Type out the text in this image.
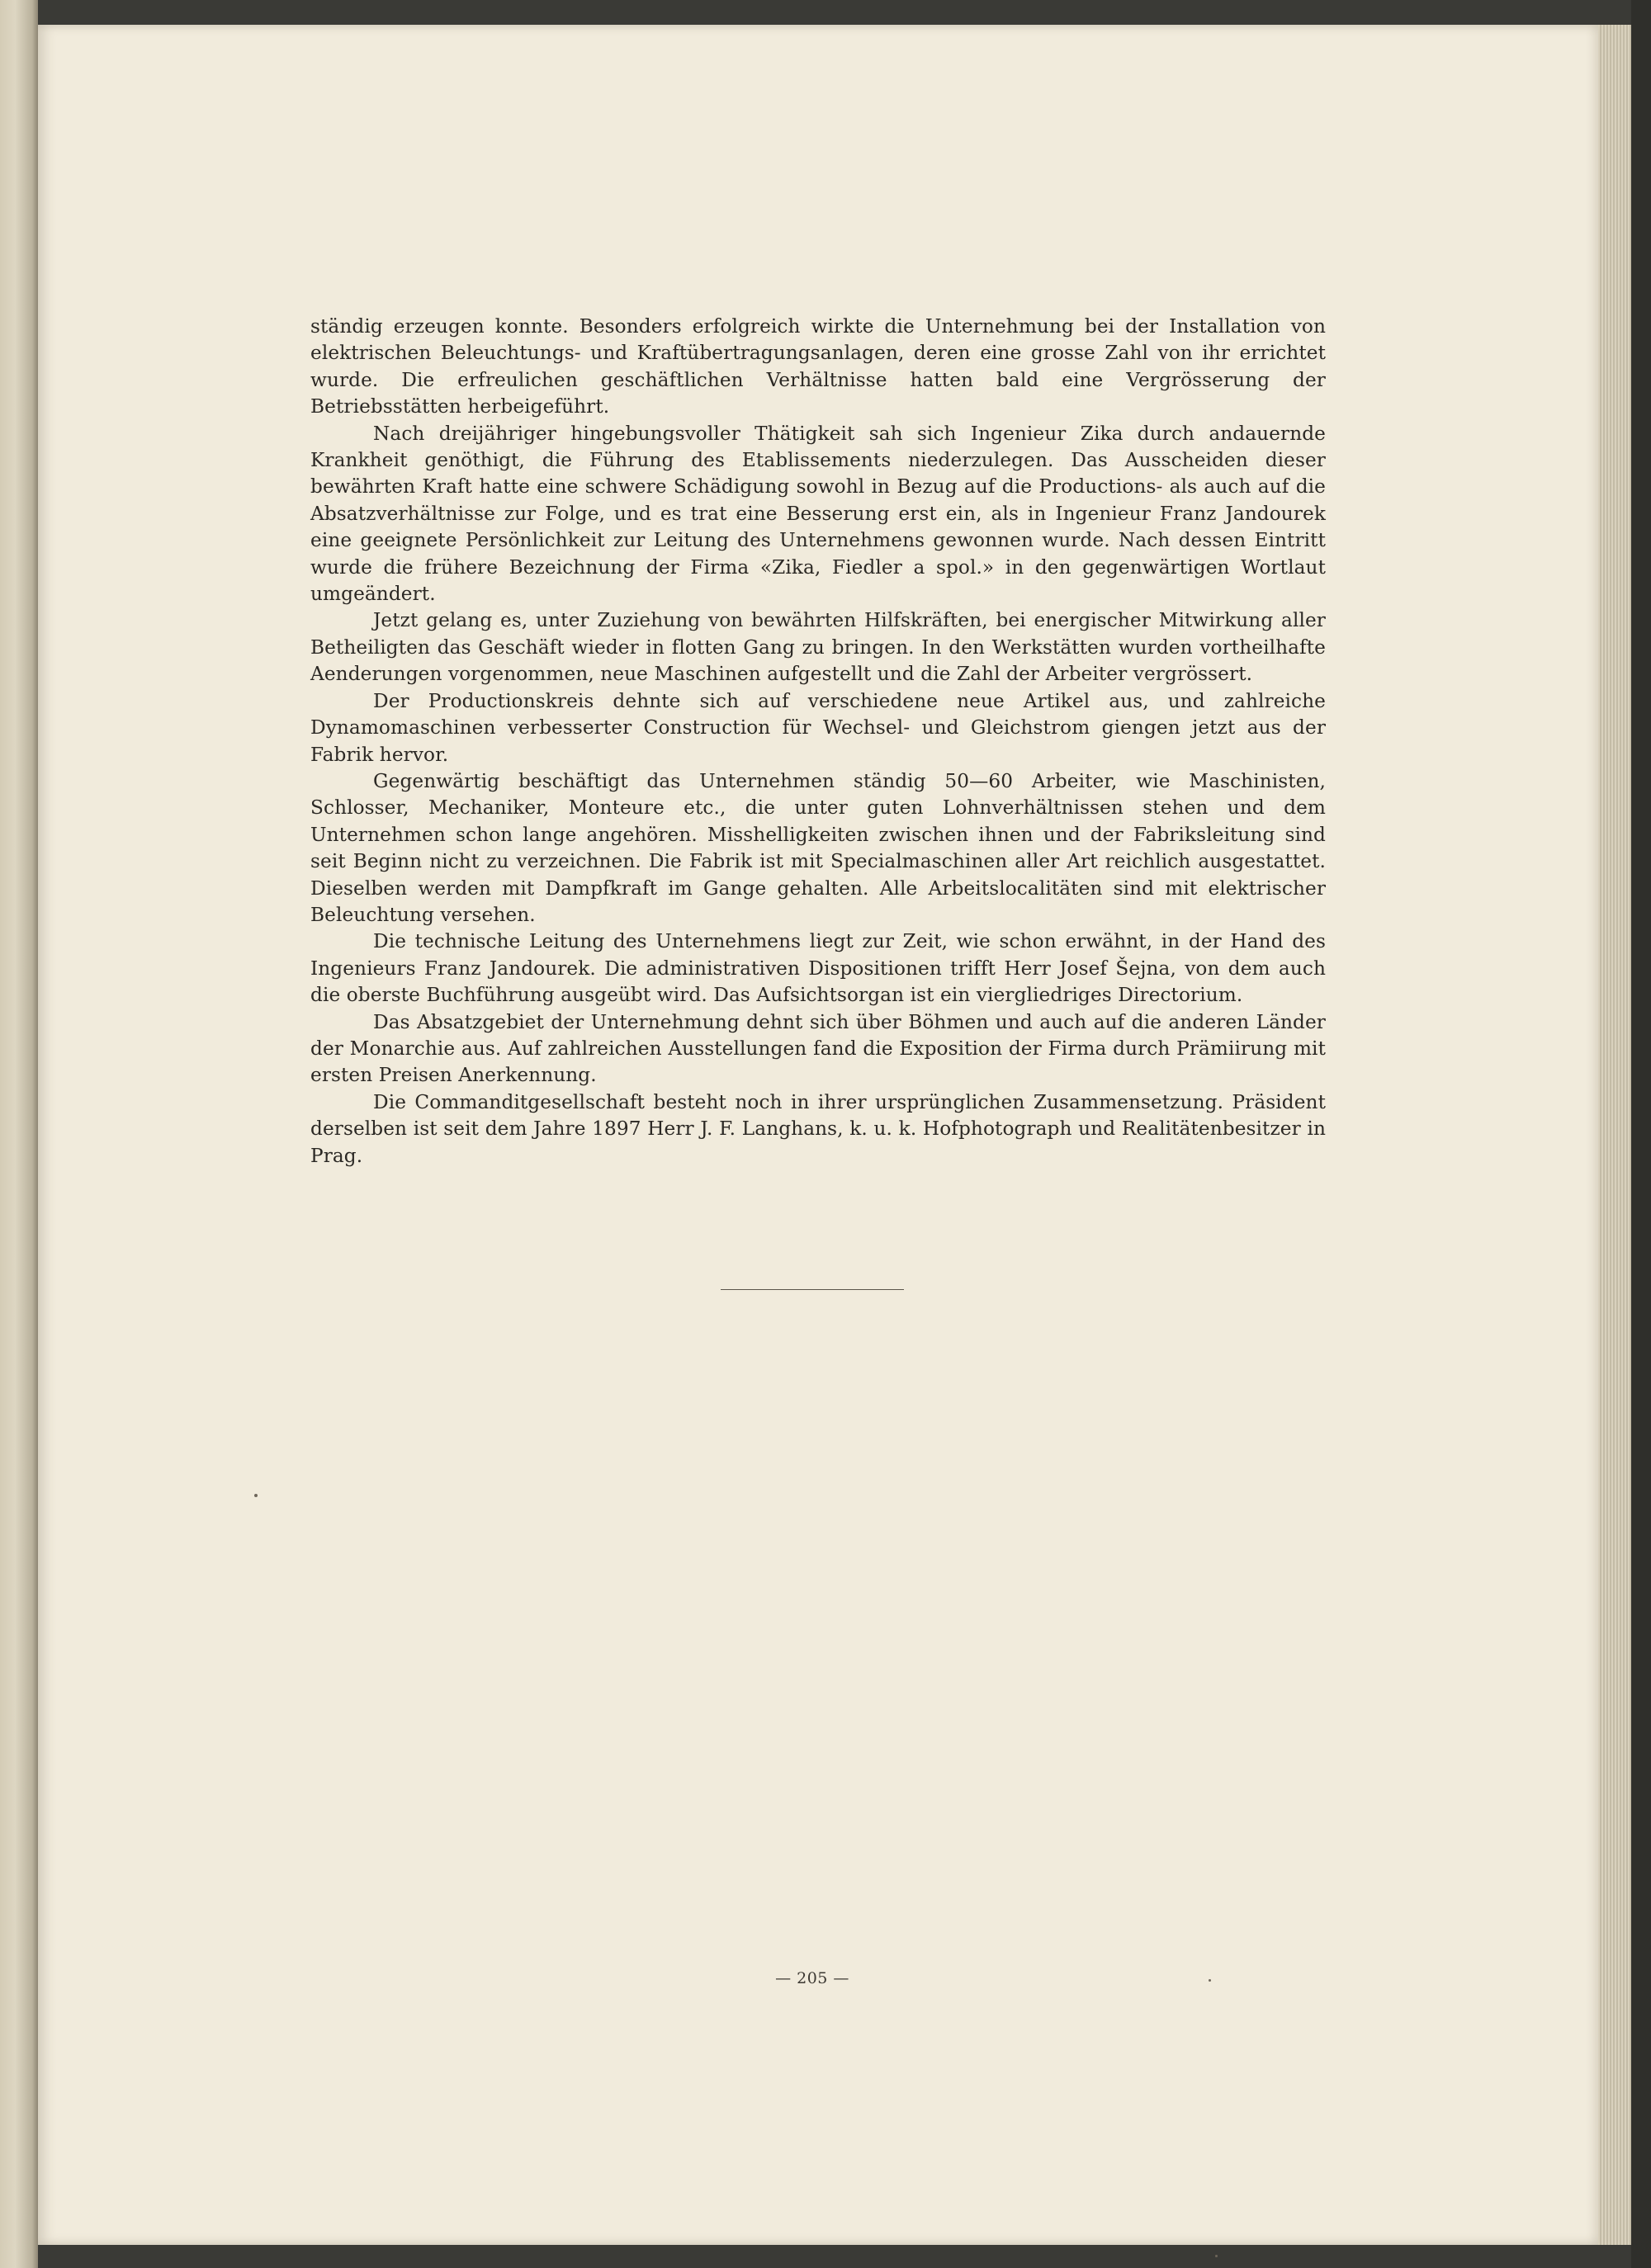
ständig erzeugen konnte. Besonders erfolgreich wirkte die Unternehmung bei der Installation von elektrischen Beleuchtungs- und Kraftübertragungsanlagen, deren eine grosse Zahl von ihr errichtet wurde. Die erfreulichen geschäftlichen Verhältnisse hatten bald eine Vergrösserung der Betriebsstätten herbeigeführt.

Nach dreijähriger hingebungsvoller Thätigkeit sah sich Ingenieur Zika durch andauernde Krankheit genöthigt, die Führung des Etablissements niederzulegen. Das Ausscheiden dieser bewährten Kraft hatte eine schwere Schädigung sowohl in Bezug auf die Productions- als auch auf die Absatzverhältnisse zur Folge, und es trat eine Besserung erst ein, als in Ingenieur Franz Jandourek eine geeignete Persönlichkeit zur Leitung des Unternehmens gewonnen wurde. Nach dessen Eintritt wurde die frühere Bezeichnung der Firma «Zika, Fiedler a spol.» in den gegenwärtigen Wortlaut umgeändert.

Jetzt gelang es, unter Zuziehung von bewährten Hilfskräften, bei energischer Mitwirkung aller Betheiligten das Geschäft wieder in flotten Gang zu bringen. In den Werkstätten wurden vortheilhafte Aenderungen vorgenommen, neue Maschinen aufgestellt und die Zahl der Arbeiter vergrössert.

Der Productionskreis dehnte sich auf verschiedene neue Artikel aus, und zahlreiche Dynamomaschinen verbesserter Construction für Wechsel- und Gleichstrom giengen jetzt aus der Fabrik hervor.

Gegenwärtig beschäftigt das Unternehmen ständig 50—60 Arbeiter, wie Maschinisten, Schlosser, Mechaniker, Monteure etc., die unter guten Lohnverhältnissen stehen und dem Unternehmen schon lange angehören. Misshelligkeiten zwischen ihnen und der Fabriksleitung sind seit Beginn nicht zu verzeichnen. Die Fabrik ist mit Specialmaschinen aller Art reichlich ausgestattet. Dieselben werden mit Dampfkraft im Gange gehalten. Alle Arbeitslocalitäten sind mit elektrischer Beleuchtung versehen.

Die technische Leitung des Unternehmens liegt zur Zeit, wie schon erwähnt, in der Hand des Ingenieurs Franz Jandourek. Die administrativen Dispositionen trifft Herr Josef Šejna, von dem auch die oberste Buchführung ausgeübt wird. Das Aufsichtsorgan ist ein viergliedriges Directorium.

Das Absatzgebiet der Unternehmung dehnt sich über Böhmen und auch auf die anderen Länder der Monarchie aus. Auf zahlreichen Ausstellungen fand die Exposition der Firma durch Prämiirung mit ersten Preisen Anerkennung.

Die Commanditgesellschaft besteht noch in ihrer ursprünglichen Zusammensetzung. Präsident derselben ist seit dem Jahre 1897 Herr J. F. Langhans, k. u. k. Hofphotograph und Realitätenbesitzer in Prag.

— 205 —
